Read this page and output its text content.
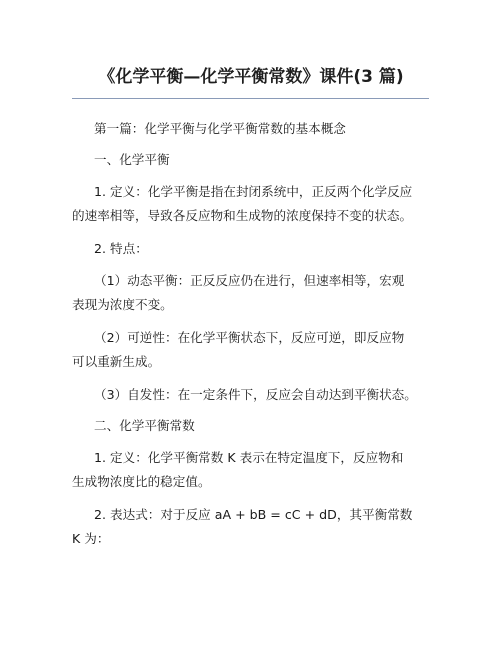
《化学平衡—化学平衡常数》课件(3 篇)
第一篇：化学平衡与化学平衡常数的基本概念
一、化学平衡
1. 定义：化学平衡是指在封闭系统中，正反两个化学反应
的速率相等，导致各反应物和生成物的浓度保持不变的状态。
2. 特点：
（1）动态平衡：正反反应仍在进行，但速率相等，宏观
表现为浓度不变。
（2）可逆性：在化学平衡状态下，反应可逆，即反应物
可以重新生成。
（3）自发性：在一定条件下，反应会自动达到平衡状态。
二、化学平衡常数
1. 定义：化学平衡常数 K 表示在特定温度下，反应物和
生成物浓度比的稳定值。
2. 表达式：对于反应 aA + bB = cC + dD，其平衡常数
K 为：
